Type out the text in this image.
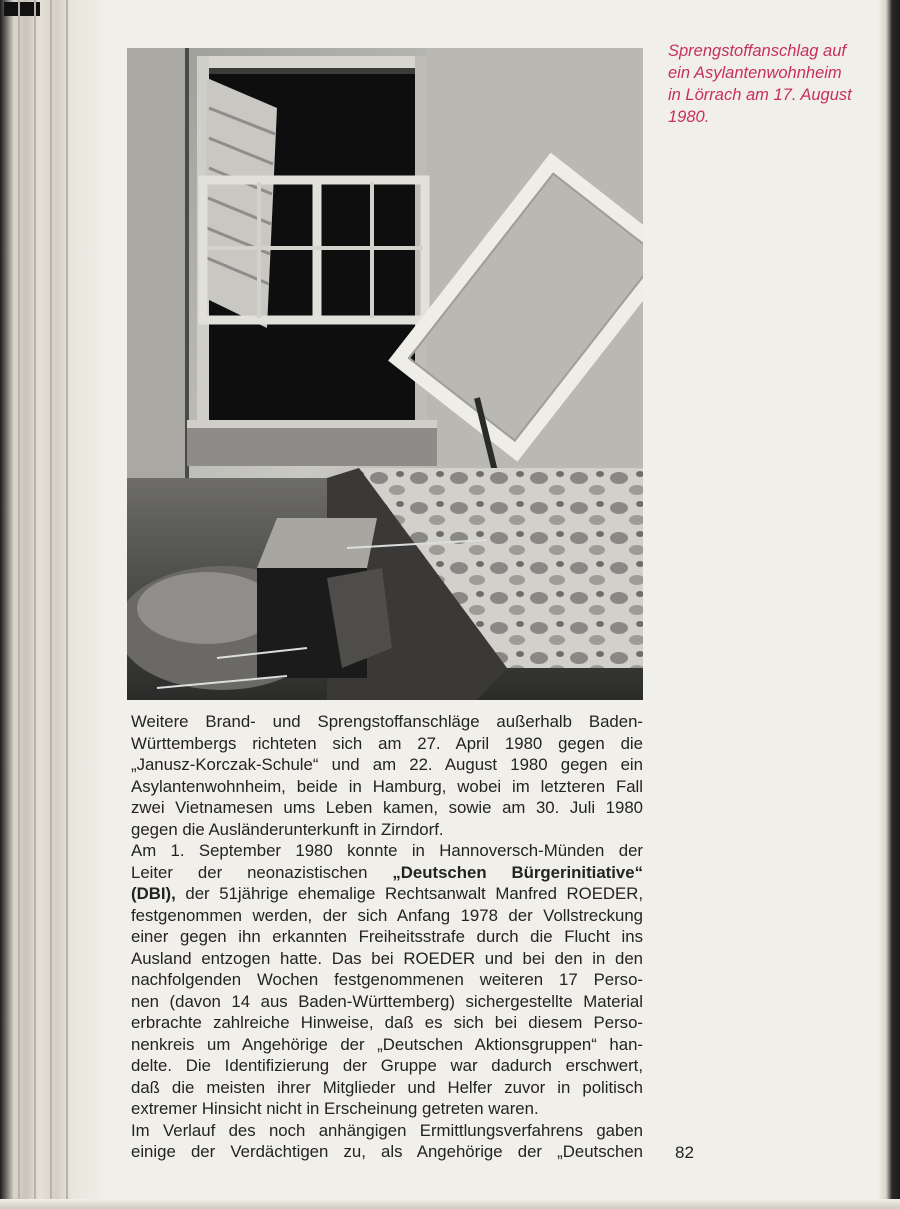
Sprengstoffanschlag auf
ein Asylantenwohnheim
in Lörrach am 17. August
1980.
Weitere Brand- und Sprengstoffanschläge außerhalb Baden-
Württembergs richteten sich am 27. April 1980 gegen die
„Janusz-Korczak-Schule“ und am 22. August 1980 gegen ein
Asylantenwohnheim, beide in Hamburg, wobei im letzteren Fall
zwei Vietnamesen ums Leben kamen, sowie am 30. Juli 1980
gegen die Ausländerunterkunft in Zirndorf.
Am 1. September 1980 konnte in Hannoversch-Münden der
Leiter der neonazistischen „Deutschen Bürgerinitiative“
(DBI), der 51jährige ehemalige Rechtsanwalt Manfred ROEDER,
festgenommen werden, der sich Anfang 1978 der Vollstreckung
einer gegen ihn erkannten Freiheitsstrafe durch die Flucht ins
Ausland entzogen hatte. Das bei ROEDER und bei den in den
nachfolgenden Wochen festgenommenen weiteren 17 Perso-
nen (davon 14 aus Baden-Württemberg) sichergestellte Material
erbrachte zahlreiche Hinweise, daß es sich bei diesem Perso-
nenkreis um Angehörige der „Deutschen Aktionsgruppen“ han-
delte. Die Identifizierung der Gruppe war dadurch erschwert,
daß die meisten ihrer Mitglieder und Helfer zuvor in politisch
extremer Hinsicht nicht in Erscheinung getreten waren.
Im Verlauf des noch anhängigen Ermittlungsverfahrens gaben
einige der Verdächtigen zu, als Angehörige der „Deutschen 82
